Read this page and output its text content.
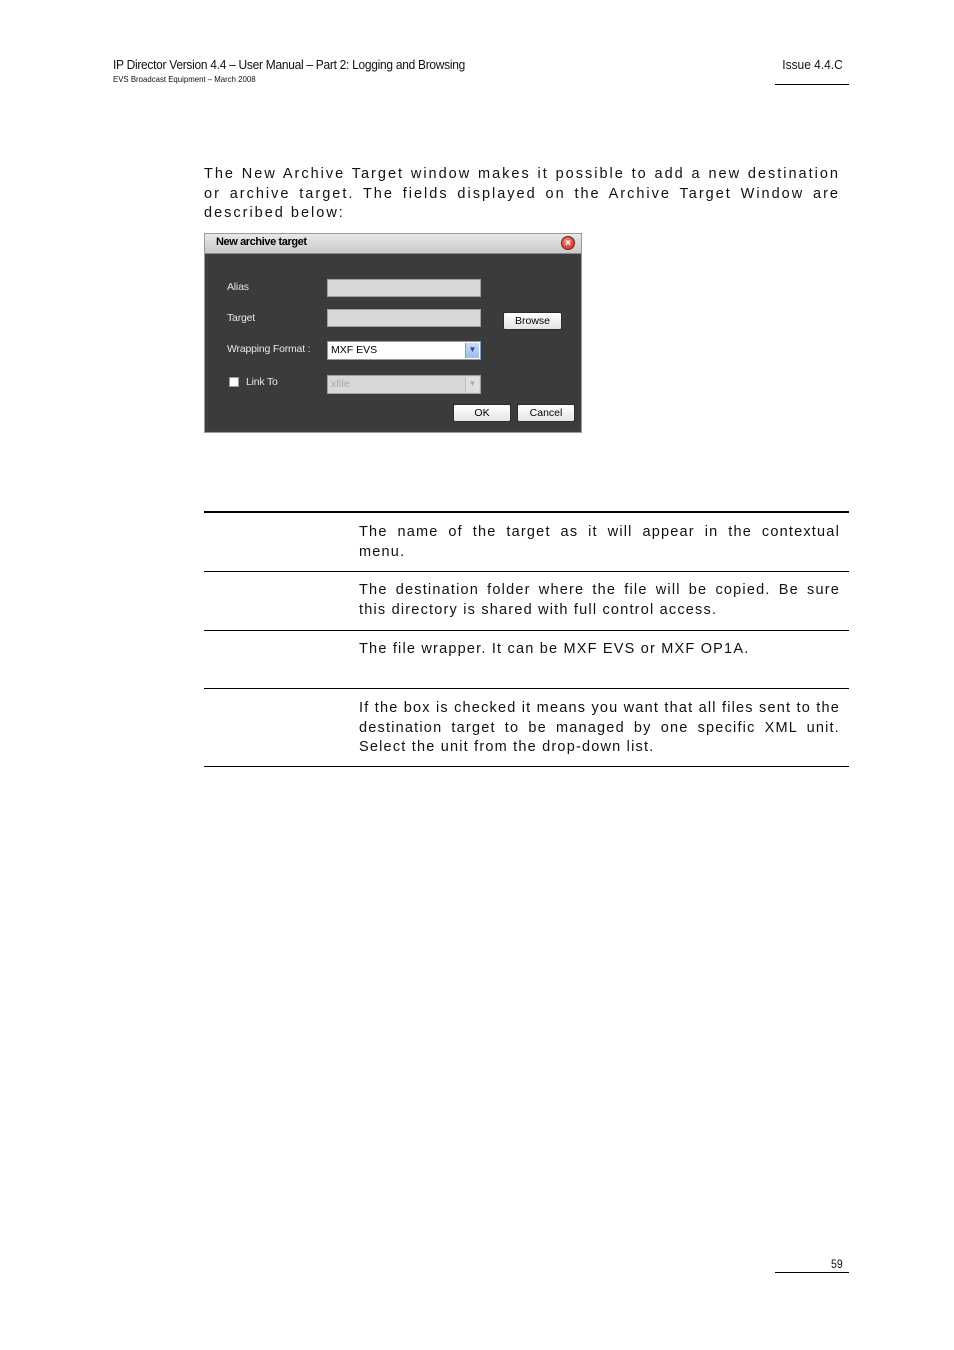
IP Director Version 4.4 – User Manual – Part 2: Logging and Browsing
EVS Broadcast Equipment – March 2008
Issue 4.4.C
The New Archive Target window makes it possible to add a new destination or archive target. The fields displayed on the Archive Target Window are described below:
New archive target	×
Alias
Target	Browse
Wrapping Format :	MXF EVS	▼
Link To	xfile	▼
OK	Cancel
The name of the target as it will appear in the contextual menu.
The destination folder where the file will be copied. Be sure this directory is shared with full control access.
The file wrapper. It can be MXF EVS or MXF OP1A.
If the box is checked it means you want that all files sent to the destination target to be managed by one specific XML unit. Select the unit from the drop-down list.
59
